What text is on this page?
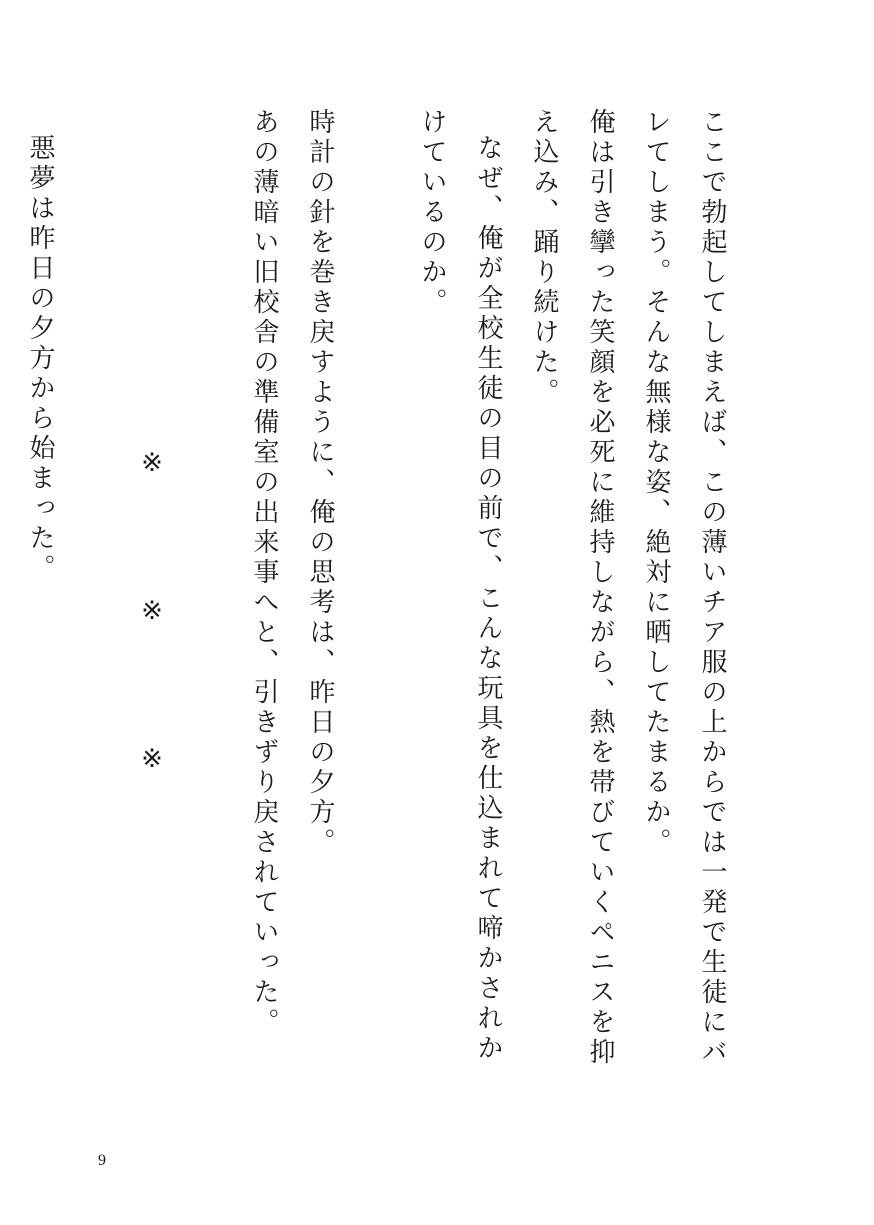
ここで勃起してしまえば、この薄いチア服の上からでは一発で生徒にバレてしまう。そんな無様な姿、絶対に晒してたまるか。

俺は引き攣った笑顔を必死に維持しながら、熱を帯びていくペニスを抑え込み、踊り続けた。

なぜ、俺が全校生徒の目の前で、こんな玩具を仕込まれて啼かされかけているのか。

時計の針を巻き戻すように、俺の思考は、昨日の夕方。

あの薄暗い旧校舎の準備室の出来事へと、引きずり戻されていった。

※　※　※

悪夢は昨日の夕方から始まった。

9
